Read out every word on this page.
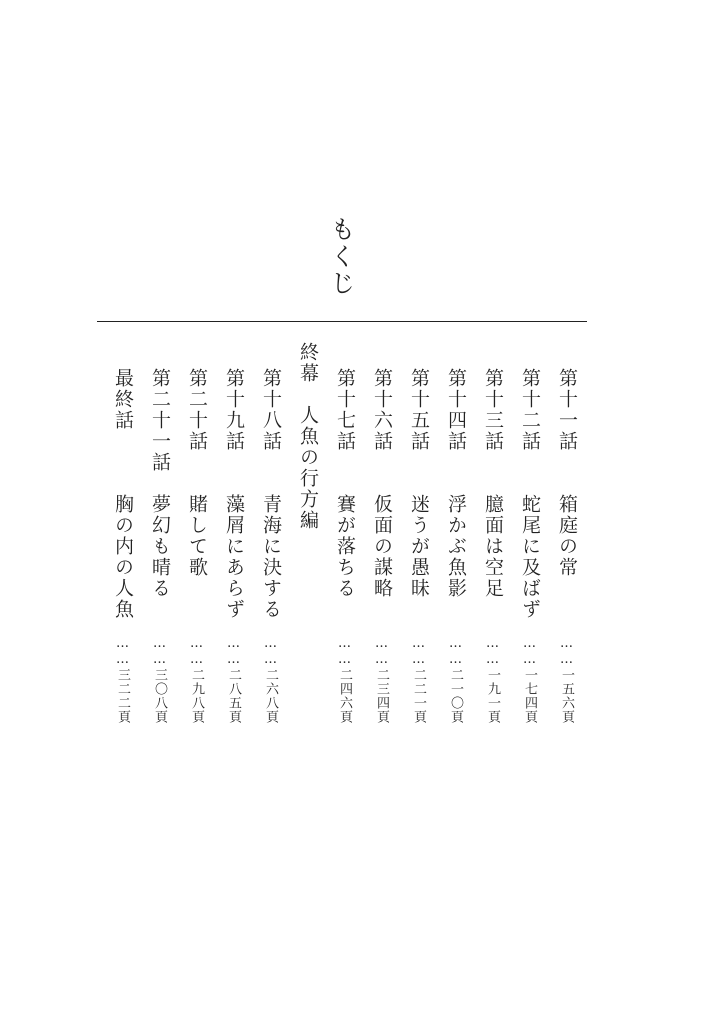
もくじ
第十一話
箱庭の常
……一五六頁
第十二話
蛇尾に及ばず
……一七四頁
第十三話
臆面は空足
……一九一頁
第十四話
浮かぶ魚影
……二一〇頁
第十五話
迷うが愚昧
……二二一頁
第十六話
仮面の謀略
……二三四頁
第十七話
賽が落ちる
……二四六頁
終幕　人魚の行方編
第十八話
青海に決する
……二六八頁
第十九話
藻屑にあらず
……二八五頁
第二十話
賭して歌
……二九八頁
第二十一話
夢幻も晴る
……三〇八頁
最終話
胸の内の人魚
……三二二頁
